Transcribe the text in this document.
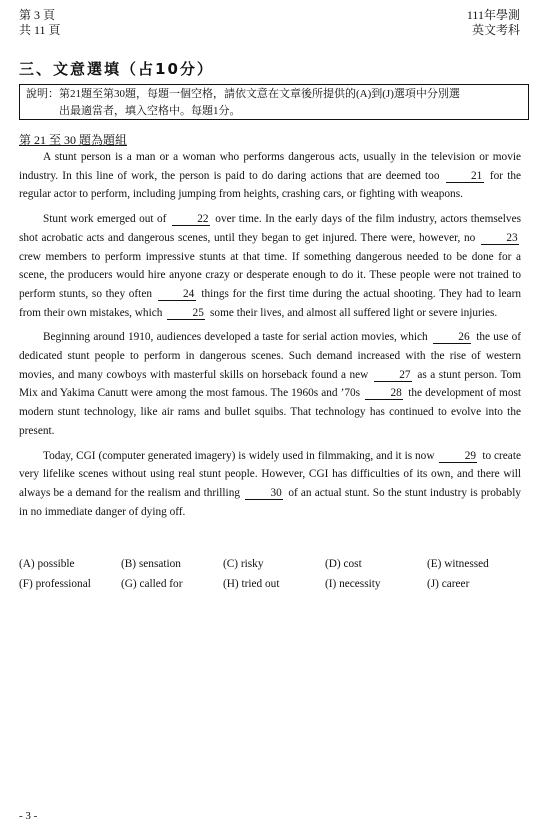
第 3 頁
共 11 頁
111年學測
英文考科
三、文意選填（占10分）
說明：第21題至第30題，每題一個空格，請依文意在文章後所提供的(A)到(J)選項中分別選
出最適當者，填入空格中。每題1分。
第 21 至 30 題為題組

A stunt person is a man or a woman who performs dangerous acts, usually in the television or movie industry. In this line of work, the person is paid to do daring actions that are deemed too 21 for the regular actor to perform, including jumping from heights, crashing cars, or fighting with weapons.

Stunt work emerged out of 22 over time. In the early days of the film industry, actors themselves shot acrobatic acts and dangerous scenes, until they began to get injured. There were, however, no 23 crew members to perform impressive stunts at that time. If something dangerous needed to be done for a scene, the producers would hire anyone crazy or desperate enough to do it. These people were not trained to perform stunts, so they often 24 things for the first time during the actual shooting. They had to learn from their own mistakes, which 25 some their lives, and almost all suffered light or severe injuries.

Beginning around 1910, audiences developed a taste for serial action movies, which 26 the use of dedicated stunt people to perform in dangerous scenes. Such demand increased with the rise of western movies, and many cowboys with masterful skills on horseback found a new 27 as a stunt person. Tom Mix and Yakima Canutt were among the most famous. The 1960s and ’70s 28 the development of most modern stunt technology, like air rams and bullet squibs. That technology has continued to evolve into the present.

Today, CGI (computer generated imagery) is widely used in filmmaking, and it is now 29 to create very lifelike scenes without using real stunt people. However, CGI has difficulties of its own, and there will always be a demand for the realism and thrilling 30 of an actual stunt. So the stunt industry is probably in no immediate danger of dying off.

(A) possible	(B) sensation	(C) risky	(D) cost	(E) witnessed
(F) professional	(G) called for	(H) tried out	(I) necessity	(J) career
- 3 -
